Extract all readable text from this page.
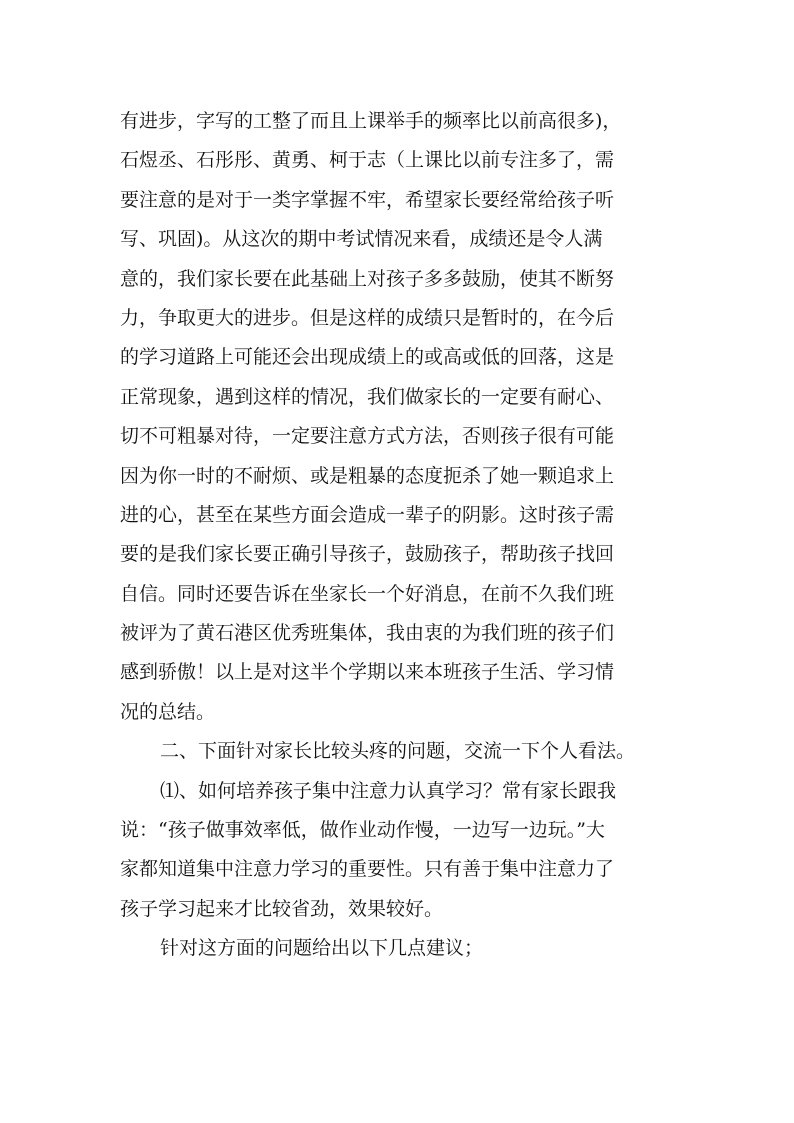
有进步，字写的工整了而且上课举手的频率比以前高很多)，
石煜丞、石彤彤、黄勇、柯于志（上课比以前专注多了，需
要注意的是对于一类字掌握不牢，希望家长要经常给孩子听
写、巩固)。从这次的期中考试情况来看，成绩还是令人满
意的，我们家长要在此基础上对孩子多多鼓励，使其不断努
力，争取更大的进步。但是这样的成绩只是暂时的，在今后
的学习道路上可能还会出现成绩上的或高或低的回落，这是
正常现象，遇到这样的情况，我们做家长的一定要有耐心、
切不可粗暴对待，一定要注意方式方法，否则孩子很有可能
因为你一时的不耐烦、或是粗暴的态度扼杀了她一颗追求上
进的心，甚至在某些方面会造成一辈子的阴影。这时孩子需
要的是我们家长要正确引导孩子，鼓励孩子，帮助孩子找回
自信。同时还要告诉在坐家长一个好消息，在前不久我们班
被评为了黄石港区优秀班集体，我由衷的为我们班的孩子们
感到骄傲！以上是对这半个学期以来本班孩子生活、学习情
况的总结。
二、下面针对家长比较头疼的问题，交流一下个人看法。
⑴、如何培养孩子集中注意力认真学习？常有家长跟我
说：“孩子做事效率低，做作业动作慢，一边写一边玩。”大
家都知道集中注意力学习的重要性。只有善于集中注意力了
孩子学习起来才比较省劲，效果较好。
针对这方面的问题给出以下几点建议；
